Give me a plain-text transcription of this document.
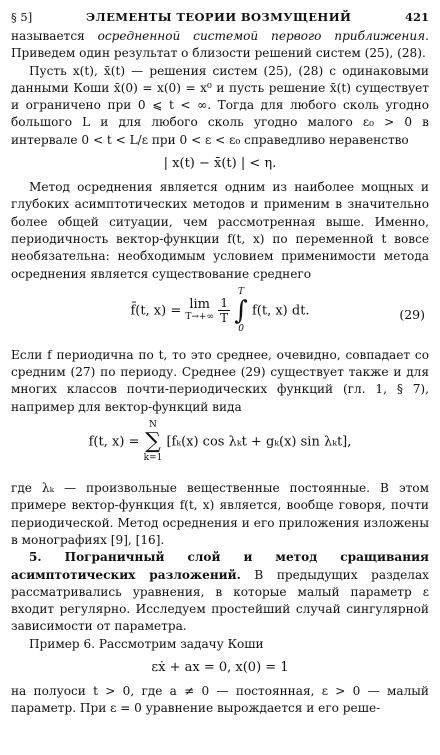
§ 5]	ЭЛЕМЕНТЫ ТЕОРИИ ВОЗМУЩЕНИЙ	421

называется осредненной системой первого приближения. Приведем один результат о близости решений систем (25), (28).

Пусть x(t), x̄(t) — решения систем (25), (28) с одинаковыми данными Коши x̄(0) = x(0) = x⁰ и пусть решение x̄(t) существует и ограничено при 0 ⩽ t < ∞. Тогда для любого сколь угодно большого L и для любого сколь угодно малого ε₀ > 0 в интервале 0 < t < L/ε при 0 < ε < ε₀ справедливо неравенство

| x(t) − x̄(t) | < η.

Метод осреднения является одним из наиболее мощных и глубоких асимптотических методов и применим в значительно более общей ситуации, чем рассмотренная выше. Именно, периодичность вектор-функции f(t, x) по переменной t вовсе необязательна: необходимым условием применимости метода осреднения является существование среднего

f̄(t, x) = lim
T→+∞
$\frac{1}{T}$

T
∫
0
f(t, x) dt.	(29)

Если f периодична по t, то это среднее, очевидно, совпадает со средним (27) по периоду. Среднее (29) существует также и для многих классов почти-периодических функций (гл. 1, § 7), например для вектор-функций вида

f(t, x) =
N
∑
k=1
[fₖ(x) cos λₖt + gₖ(x) sin λₖt],

где λₖ — произвольные вещественные постоянные. В этом примере вектор-функция f(t, x) является, вообще говоря, почти периодической. Метод осреднения и его приложения изложены в монографиях [9], [16].

5. Пограничный слой и метод сращивания асимптотических разложений. В предыдущих разделах рассматривались уравнения, в которые малый параметр ε входит регулярно. Исследуем простейший случай сингулярной зависимости от параметра.

Пример 6. Рассмотрим задачу Коши

εẋ + ax = 0, x(0) = 1

на полуоси t > 0, где a ≠ 0 — постоянная, ε > 0 — малый параметр. При ε = 0 уравнение вырождается и его реше-
